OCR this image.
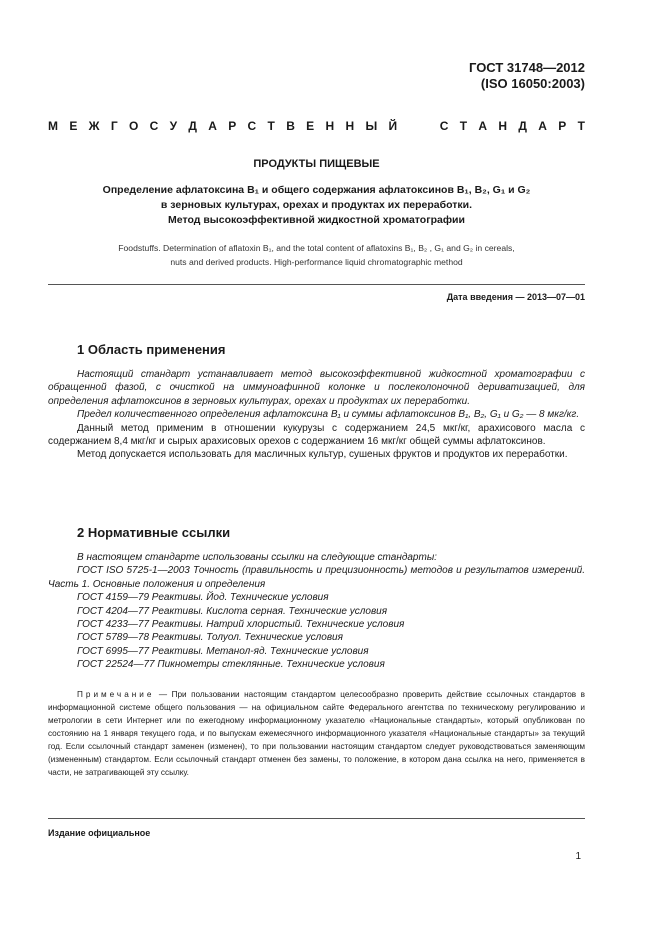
ГОСТ 31748—2012
(ISO 16050:2003)
М Е Ж Г О С У Д А Р С Т В Е Н Н Ы Й	С Т А Н Д А Р Т
ПРОДУКТЫ ПИЩЕВЫЕ
Определение афлатоксина B₁ и общего содержания афлатоксинов B₁, B₂, G₁ и G₂
в зерновых культурах, орехах и продуктах их переработки.
Метод высокоэффективной жидкостной хроматографии
Foodstuffs. Determination of aflatoxin B₁, and the total content of aflatoxins B₁, B₂ , G₁ and G₂ in cereals,
nuts and derived products. High-performance liquid chromatographic method
Дата введения — 2013—07—01
1 Область применения

Настоящий стандарт устанавливает метод высокоэффективной жидкостной хроматографии с обращенной фазой, с очисткой на иммуноафинной колонке и послеколоночной дериватизацией, для определения афлатоксинов в зерновых культурах, орехах и продуктах их переработки.

Предел количественного определения афлатоксина B₁ и суммы афлатоксинов B₁, B₂, G₁ и G₂ — 8 мкг/кг.

Данный метод применим в отношении кукурузы с содержанием 24,5 мкг/кг, арахисового масла с содержанием 8,4 мкг/кг и сырых арахисовых орехов с содержанием 16 мкг/кг общей суммы афлатоксинов.

Метод допускается использовать для масличных культур, сушеных фруктов и продуктов их переработки.

2 Нормативные ссылки

В настоящем стандарте использованы ссылки на следующие стандарты:

ГОСТ ISO 5725-1—2003 Точность (правильность и прецизионность) методов и результатов измерений. Часть 1. Основные положения и определения

ГОСТ 4159—79 Реактивы. Йод. Технические условия

ГОСТ 4204—77 Реактивы. Кислота серная. Технические условия

ГОСТ 4233—77 Реактивы. Натрий хлористый. Технические условия

ГОСТ 5789—78 Реактивы. Толуол. Технические условия

ГОСТ 6995—77 Реактивы. Метанол-яд. Технические условия

ГОСТ 22524—77 Пикнометры стеклянные. Технические условия

Примечание — При пользовании настоящим стандартом целесообразно проверить действие ссылочных стандартов в информационной системе общего пользования — на официальном сайте Федерального агентства по техническому регулированию и метрологии в сети Интернет или по ежегодному информационному указателю «Национальные стандарты», который опубликован по состоянию на 1 января текущего года, и по выпускам ежемесячного информационного указателя «Национальные стандарты» за текущий год. Если ссылочный стандарт заменен (изменен), то при пользовании настоящим стандартом следует руководствоваться заменяющим (измененным) стандартом. Если ссылочный стандарт отменен без замены, то положение, в котором дана ссылка на него, применяется в части, не затрагивающей эту ссылку.

Издание официальное
1
